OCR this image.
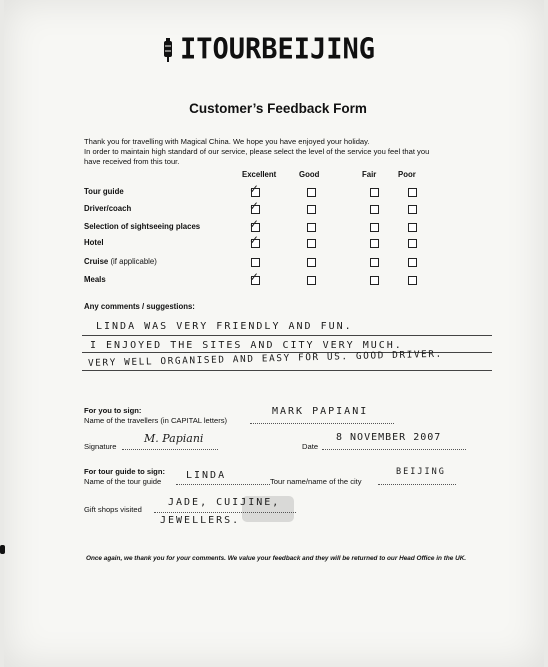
ITOURBEIJING
Customer’s Feedback Form
Thank you for travelling with Magical China. We hope you have enjoyed your holiday.
In order to maintain high standard of our service, please select the level of the service you feel that you
have received from this tour.
Excellent	Good	Fair	Poor
Tour guide	✓
Driver/coach	✓
Selection of sightseeing places	✓
Hotel	✓
Cruise (if applicable)
Meals	✓
Any comments / suggestions:
LINDA WAS VERY FRIENDLY AND FUN.
I ENJOYED THE SITES AND CITY VERY MUCH.
VERY WELL ORGANISED AND EASY FOR US. GOOD DRIVER.
For you to sign:
Name of the travellers (in CAPITAL letters)
MARK PAPIANI
Signature
M. Papiani
Date
8 NOVEMBER 2007
For tour guide to sign:
Name of the tour guide
LINDA
Tour name/name of the city
BEIJING
Gift shops visited
JADE, CUIJINE,
JEWELLERS.
Once again, we thank you for your comments. We value your feedback and they will be returned to our Head Office in the UK.
